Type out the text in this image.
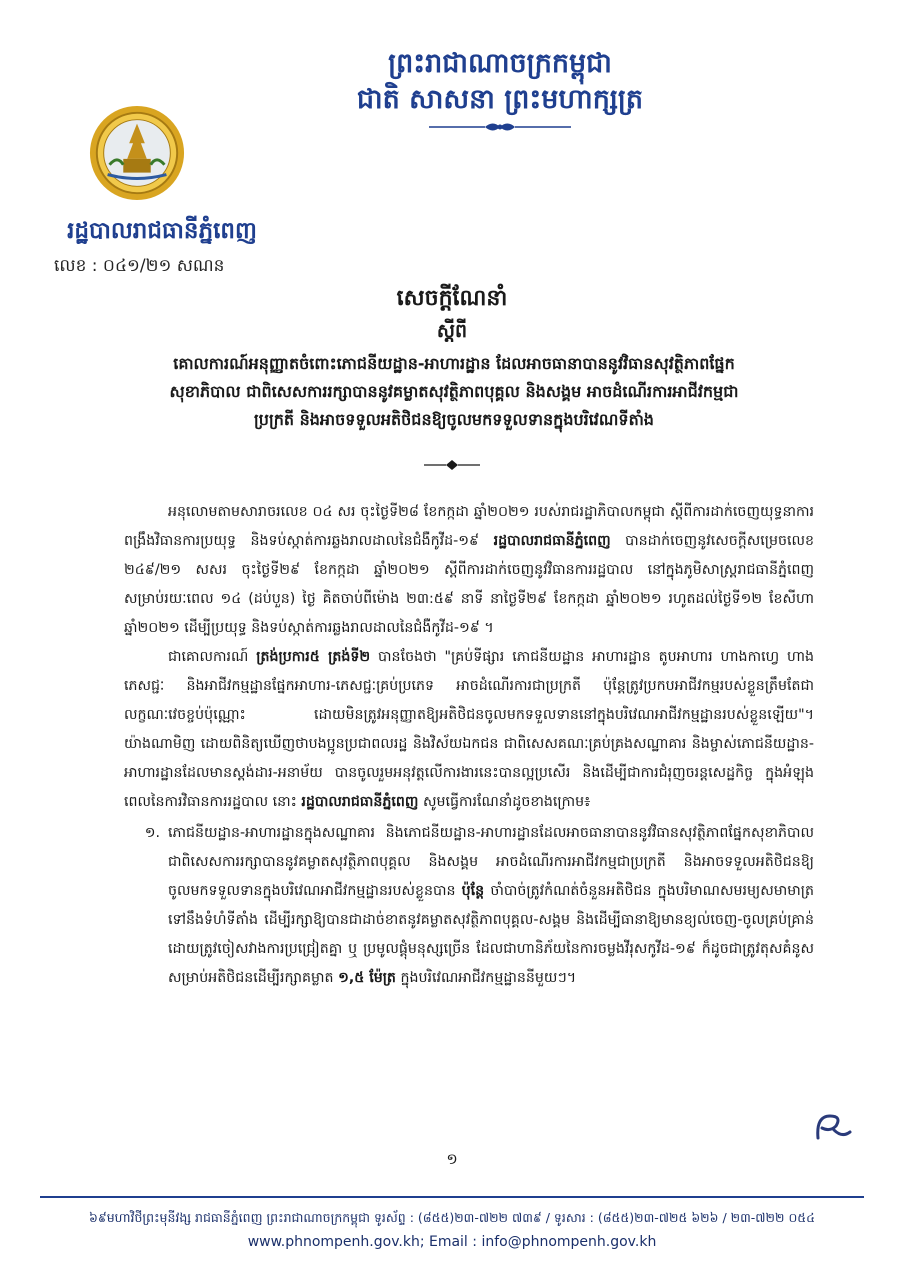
ព្រះរាជាណាចក្រកម្ពុជា
ជាតិ សាសនា ព្រះមហាក្សត្រ
រដ្ឋបាលរាជធានីភ្នំពេញ
លេខ : ០៤១/២១ សណន
សេចក្តីណែនាំ
ស្តីពី
គោលការណ៍អនុញ្ញាតចំពោះភោជនីយដ្ឋាន-អាហារដ្ឋាន ដែលអាចធានាបាននូវវិធានសុវត្ថិភាពផ្នែកសុខាភិបាល ជាពិសេសការរក្សាបាននូវគម្លាតសុវត្ថិភាពបុគ្គល និងសង្គម អាចដំណើរការអាជីវកម្មជាប្រក្រតី និងអាចទទួលអតិថិជនឱ្យចូលមកទទួលទានក្នុងបរិវេណទីតាំង

អនុលោមតាមសារាចរលេខ ០៤ សរ ចុះថ្ងៃទី២៨ ខែកក្កដា ឆ្នាំ២០២១ របស់រាជរដ្ឋាភិបាលកម្ពុជា ស្តីពីការដាក់ចេញយុទ្ធនាការពង្រឹងវិធានការប្រយុទ្ធ និងទប់ស្កាត់ការឆ្លងរាលដាលនៃជំងឺកូវីដ-១៩ រដ្ឋបាលរាជធានីភ្នំពេញ បានដាក់ចេញនូវសេចក្តីសម្រេចលេខ ២៤៩/២១ សសរ ចុះថ្ងៃទី២៩ ខែកក្កដា ឆ្នាំ២០២១ ស្តីពីការដាក់ចេញនូវវិធានការរដ្ឋបាល នៅក្នុងភូមិសាស្ត្ររាជធានីភ្នំពេញ សម្រាប់រយៈពេល ១៤ (ដប់បួន) ថ្ងៃ គិតចាប់ពីម៉ោង ២៣:៥៩ នាទី នាថ្ងៃទី២៩ ខែកក្កដា ឆ្នាំ២០២១ រហូតដល់ថ្ងៃទី១២ ខែសីហា ឆ្នាំ២០២១ ដើម្បីប្រយុទ្ធ និងទប់ស្កាត់ការឆ្លងរាលដាលនៃជំងឺកូវីដ-១៩ ។

ជាគោលការណ៍ ត្រង់ប្រការ៥ ត្រង់ទី២ បានចែងថា "គ្រប់ទីផ្សារ ភោជនីយដ្ឋាន អាហារដ្ឋាន តូបអាហារ ហាងកាហ្វេ ហាងភេសជ្ជៈ និងអាជីវកម្មដ្ឋានផ្នែកអាហារ-ភេសជ្ជៈគ្រប់ប្រភេទ អាចដំណើរការជាប្រក្រតី ប៉ុន្តែត្រូវប្រកបអាជីវកម្មរបស់ខ្លួនត្រឹមតែជាលក្ខណៈវេចខ្ចប់ប៉ុណ្ណោះ ដោយមិនត្រូវអនុញ្ញាតឱ្យអតិថិជនចូលមកទទួលទាននៅក្នុងបរិវេណអាជីវកម្មដ្ឋានរបស់ខ្លួនឡើយ"។ យ៉ាងណាមិញ ដោយពិនិត្យឃើញថាបងប្អូនប្រជាពលរដ្ឋ និងវិស័យឯកជន ជាពិសេសគណៈគ្រប់គ្រងសណ្ឋាគារ និងម្ចាស់ភោជនីយដ្ឋាន-អាហារដ្ឋានដែលមានស្តង់ដារ-អនាម័យ បានចូលរួមអនុវត្តលើការងារនេះបានល្អប្រសើរ និងដើម្បីជាការជំរុញចរន្តសេដ្ឋកិច្ច ក្នុងអំឡុងពេលនៃការវិធានការរដ្ឋបាល នោះ រដ្ឋបាលរាជធានីភ្នំពេញ សូមធ្វើការណែនាំដូចខាងក្រោម៖

១. ភោជនីយដ្ឋាន-អាហារដ្ឋានក្នុងសណ្ឋាគារ និងភោជនីយដ្ឋាន-អាហារដ្ឋានដែលអាចធានាបាននូវវិធានសុវត្ថិភាពផ្នែកសុខាភិបាល ជាពិសេសការរក្សាបាននូវគម្លាតសុវត្ថិភាពបុគ្គល និងសង្គម អាចដំណើរការអាជីវកម្មជាប្រក្រតី និងអាចទទួលអតិថិជនឱ្យចូលមកទទួលទានក្នុងបរិវេណអាជីវកម្មដ្ឋានរបស់ខ្លួនបាន ប៉ុន្តែ ចាំបាច់ត្រូវកំណត់ចំនួនអតិថិជន ក្នុងបរិមាណសមរម្យសមាមាត្រទៅនឹងទំហំទីតាំង ដើម្បីរក្សាឱ្យបានជាដាច់ខាតនូវគម្លាតសុវត្ថិភាពបុគ្គល-សង្គម និងដើម្បីធានាឱ្យមានខ្យល់ចេញ-ចូលគ្រប់គ្រាន់ ដោយត្រូវចៀសវាងការប្រជ្រៀតគ្នា ឬ ប្រមូលផ្តុំមនុស្សច្រើន ដែលជាហានិភ័យនៃការចម្លងវីរុសកូវីដ-១៩ ក៏ដូចជាត្រូវតុសគំនូសសម្រាប់អតិថិជនដើម្បីរក្សាគម្លាត ១,៥ ម៉ែត្រ ក្នុងបរិវេណអាជីវកម្មដ្ឋាននីមួយៗ។
១
៦៩មហាវិថីព្រះមុនីវង្ស រាជធានីភ្នំពេញ ព្រះរាជាណាចក្រកម្ពុជា ទូរស័ព្ទ : (៨៥៥)២៣-៧២២ ៧៣៩ / ទូរសារ : (៨៥៥)២៣-៧២៥ ៦២៦ / ២៣-៧២២ ០៥៤
www.phnompenh.gov.kh; Email : info@phnompenh.gov.kh
